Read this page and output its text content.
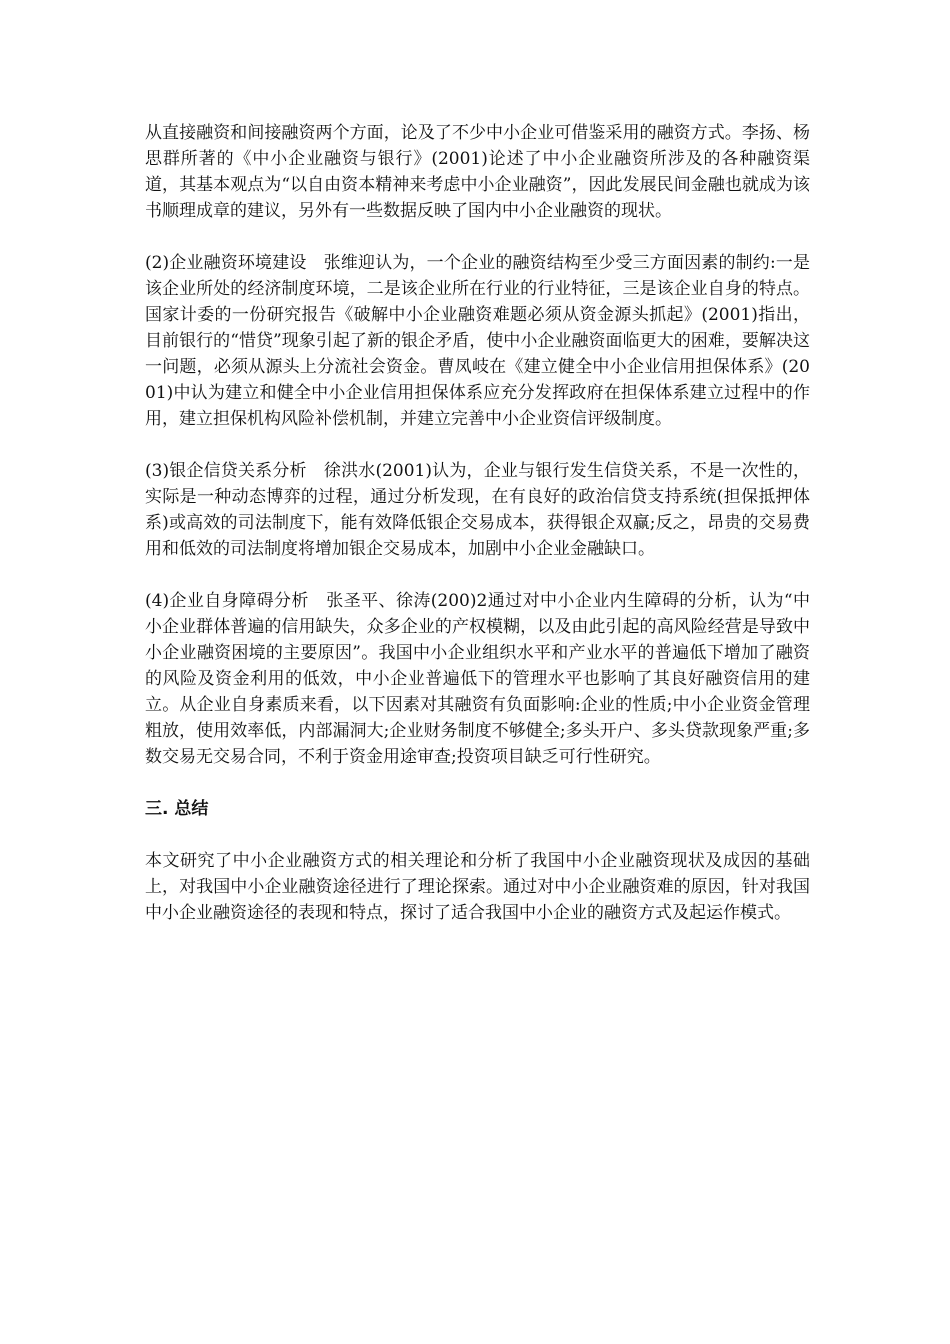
从直接融资和间接融资两个方面，论及了不少中小企业可借鉴采用的融资方式。李扬、杨思群所著的《中小企业融资与银行》(2001)论述了中小企业融资所涉及的各种融资渠道，其基本观点为“以自由资本精神来考虑中小企业融资”，因此发展民间金融也就成为该书顺理成章的建议，另外有一些数据反映了国内中小企业融资的现状。

(2)企业融资环境建设　张维迎认为，一个企业的融资结构至少受三方面因素的制约:一是该企业所处的经济制度环境，二是该企业所在行业的行业特征，三是该企业自身的特点。国家计委的一份研究报告《破解中小企业融资难题必须从资金源头抓起》(2001)指出，目前银行的“惜贷”现象引起了新的银企矛盾，使中小企业融资面临更大的困难，要解决这一问题，必须从源头上分流社会资金。曹凤岐在《建立健全中小企业信用担保体系》(2001)中认为建立和健全中小企业信用担保体系应充分发挥政府在担保体系建立过程中的作用，建立担保机构风险补偿机制，并建立完善中小企业资信评级制度。

(3)银企信贷关系分析　徐洪水(2001)认为，企业与银行发生信贷关系，不是一次性的，实际是一种动态博弈的过程，通过分析发现，在有良好的政治信贷支持系统(担保抵押体系)或高效的司法制度下，能有效降低银企交易成本，获得银企双赢;反之，昂贵的交易费用和低效的司法制度将增加银企交易成本，加剧中小企业金融缺口。

(4)企业自身障碍分析　张圣平、徐涛(200)2通过对中小企业内生障碍的分析，认为“中小企业群体普遍的信用缺失，众多企业的产权模糊，以及由此引起的高风险经营是导致中小企业融资困境的主要原因”。我国中小企业组织水平和产业水平的普遍低下增加了融资的风险及资金利用的低效，中小企业普遍低下的管理水平也影响了其良好融资信用的建立。从企业自身素质来看，以下因素对其融资有负面影响:企业的性质;中小企业资金管理粗放，使用效率低，内部漏洞大;企业财务制度不够健全;多头开户、多头贷款现象严重;多数交易无交易合同，不利于资金用途审查;投资项目缺乏可行性研究。

三. 总结

本文研究了中小企业融资方式的相关理论和分析了我国中小企业融资现状及成因的基础上，对我国中小企业融资途径进行了理论探索。通过对中小企业融资难的原因，针对我国中小企业融资途径的表现和特点，探讨了适合我国中小企业的融资方式及起运作模式。
